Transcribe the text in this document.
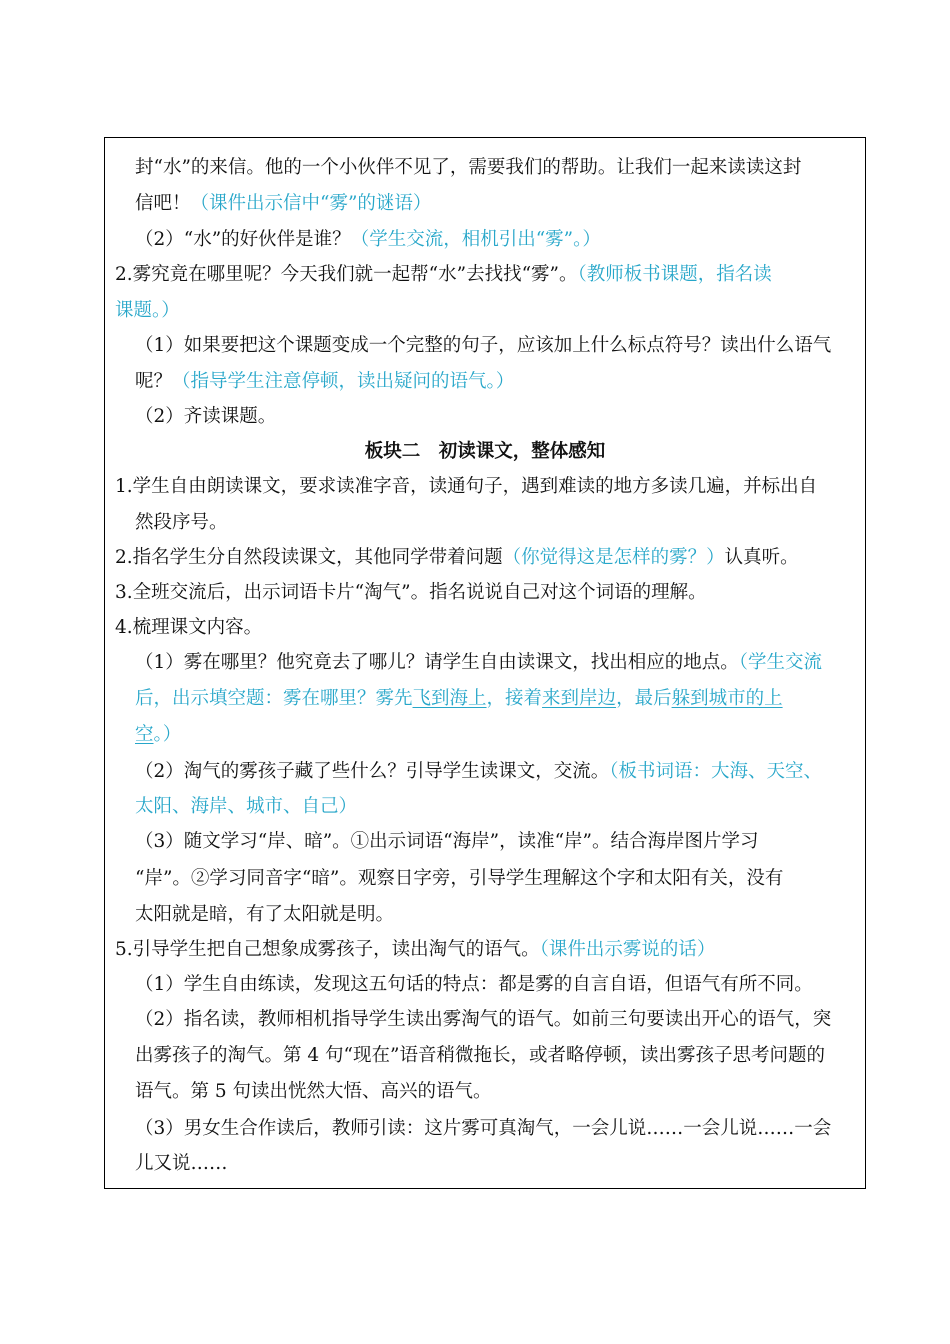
封“水”的来信。他的一个小伙伴不见了，需要我们的帮助。让我们一起来读读这封
信吧！（课件出示信中“雾”的谜语）
（2）“水”的好伙伴是谁？（学生交流，相机引出“雾”。）
2.雾究竟在哪里呢？今天我们就一起帮“水”去找找“雾”。（教师板书课题，指名读
课题。）
（1）如果要把这个课题变成一个完整的句子，应该加上什么标点符号？读出什么语气
呢？（指导学生注意停顿，读出疑问的语气。）
（2）齐读课题。
板块二　初读课文，整体感知
1.学生自由朗读课文，要求读准字音，读通句子，遇到难读的地方多读几遍，并标出自
然段序号。
2.指名学生分自然段读课文，其他同学带着问题（你觉得这是怎样的雾？）认真听。
3.全班交流后，出示词语卡片“淘气”。指名说说自己对这个词语的理解。
4.梳理课文内容。
（1）雾在哪里？他究竟去了哪儿？请学生自由读课文，找出相应的地点。（学生交流
后，出示填空题：雾在哪里？雾先飞到海上，接着来到岸边，最后躲到城市的上
空。）
（2）淘气的雾孩子藏了些什么？引导学生读课文，交流。（板书词语：大海、天空、
太阳、海岸、城市、自己）
（3）随文学习“岸、暗”。①出示词语“海岸”，读准“岸”。结合海岸图片学习
“岸”。②学习同音字“暗”。观察日字旁，引导学生理解这个字和太阳有关，没有
太阳就是暗，有了太阳就是明。
5.引导学生把自己想象成雾孩子，读出淘气的语气。（课件出示雾说的话）
（1）学生自由练读，发现这五句话的特点：都是雾的自言自语，但语气有所不同。
（2）指名读，教师相机指导学生读出雾淘气的语气。如前三句要读出开心的语气，突
出雾孩子的淘气。第 4 句“现在”语音稍微拖长，或者略停顿，读出雾孩子思考问题的
语气。第 5 句读出恍然大悟、高兴的语气。
（3）男女生合作读后，教师引读：这片雾可真淘气，一会儿说……一会儿说……一会
儿又说……
